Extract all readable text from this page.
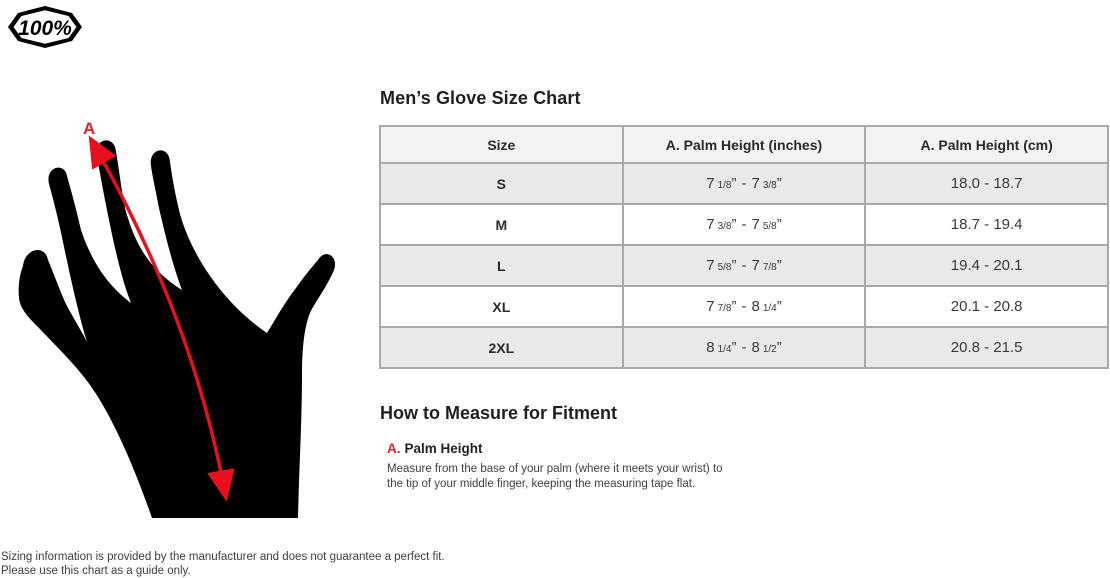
100%
A
Men’s Glove Size Chart
Size	A. Palm Height (inches)	A. Palm Height (cm)
S	7 1/8” - 7 3/8”	18.0 - 18.7
M	7 3/8” - 7 5/8”	18.7 - 19.4
L	7 5/8” - 7 7/8”	19.4 - 20.1
XL	7 7/8” - 8 1/4”	20.1 - 20.8
2XL	8 1/4” - 8 1/2”	20.8 - 21.5
How to Measure for Fitment
A. Palm Height
Measure from the base of your palm (where it meets your wrist) to the tip of your middle finger, keeping the measuring tape flat.
Sizing information is provided by the manufacturer and does not guarantee a perfect fit.
Please use this chart as a guide only.
